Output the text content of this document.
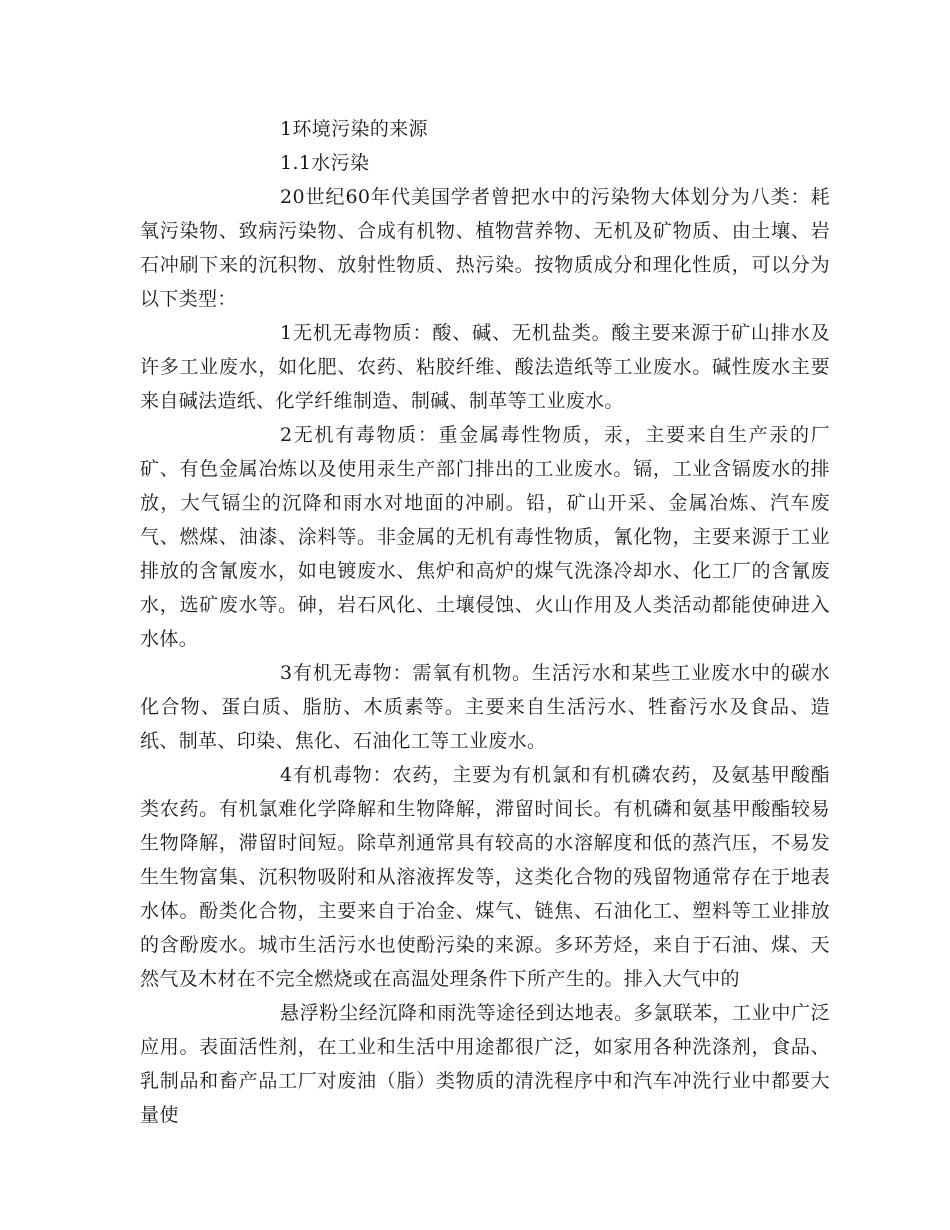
1环境污染的来源

1.1水污染

20世纪60年代美国学者曾把水中的污染物大体划分为八类：耗氧污染物、致病污染物、合成有机物、植物营养物、无机及矿物质、由土壤、岩石冲刷下来的沉积物、放射性物质、热污染。按物质成分和理化性质，可以分为以下类型：

1无机无毒物质：酸、碱、无机盐类。酸主要来源于矿山排水及许多工业废水，如化肥、农药、粘胶纤维、酸法造纸等工业废水。碱性废水主要来自碱法造纸、化学纤维制造、制碱、制革等工业废水。

2无机有毒物质：重金属毒性物质，汞，主要来自生产汞的厂矿、有色金属冶炼以及使用汞生产部门排出的工业废水。镉，工业含镉废水的排放，大气镉尘的沉降和雨水对地面的冲刷。铅，矿山开采、金属冶炼、汽车废气、燃煤、油漆、涂料等。非金属的无机有毒性物质，氰化物，主要来源于工业排放的含氰废水，如电镀废水、焦炉和高炉的煤气洗涤冷却水、化工厂的含氰废水，选矿废水等。砷，岩石风化、土壤侵蚀、火山作用及人类活动都能使砷进入水体。

3有机无毒物：需氧有机物。生活污水和某些工业废水中的碳水化合物、蛋白质、脂肪、木质素等。主要来自生活污水、牲畜污水及食品、造纸、制革、印染、焦化、石油化工等工业废水。

4有机毒物：农药，主要为有机氯和有机磷农药，及氨基甲酸酯类农药。有机氯难化学降解和生物降解，滞留时间长。有机磷和氨基甲酸酯较易生物降解，滞留时间短。除草剂通常具有较高的水溶解度和低的蒸汽压，不易发生生物富集、沉积物吸附和从溶液挥发等，这类化合物的残留物通常存在于地表水体。酚类化合物，主要来自于冶金、煤气、链焦、石油化工、塑料等工业排放的含酚废水。城市生活污水也使酚污染的来源。多环芳烃，来自于石油、煤、天然气及木材在不完全燃烧或在高温处理条件下所产生的。排入大气中的

悬浮粉尘经沉降和雨洗等途径到达地表。多氯联苯，工业中广泛应用。表面活性剂，在工业和生活中用途都很广泛，如家用各种洗涤剂，食品、乳制品和畜产品工厂对废油（脂）类物质的清洗程序中和汽车冲洗行业中都要大量使
